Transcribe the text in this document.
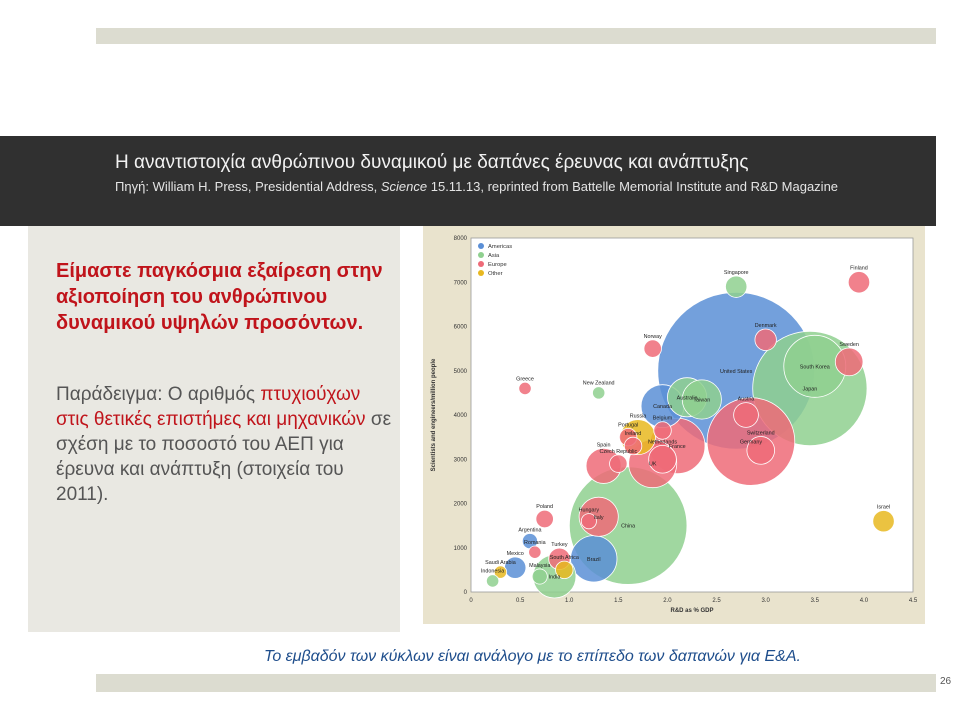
Η αναντιστοιχία ανθρώπινου δυναμικού με δαπάνες έρευνας και ανάπτυξης
Πηγή: William H. Press, Presidential Address, Science 15.11.13, reprinted from Battelle Memorial Institute and R&D Magazine
Είμαστε παγκόσμια εξαίρεση στην αξιοποίηση του ανθρώπινου δυναμικού υψηλών προσόντων.
Παράδειγμα: Ο αριθμός πτυχιούχων στις θετικές επιστήμες και μηχανικών σε σχέση με το ποσοστό του ΑΕΠ για έρευνα και ανάπτυξη (στοιχεία του 2011).
0	0.5	1.0	1.5	2.0	2.5	3.0	3.5	4.0	4.5
0
1000
2000
3000
4000
5000
6000
7000
8000
R&D as % GDP
Scientists and engineers/million people	United States
China
Japan
Germany
South Korea
France
UK
Canada
Australia
Taiwan
Brazil
India
Italy
Russia
Spain
Sweden
Switzerland
Netherlands
Austria
Denmark
Finland
Singapore
Israel
Norway
Belgium
Portugal
Ireland
Czech Republic
Poland
Hungary
Turkey
Mexico
Argentina
Romania
South Africa
Malaysia
Saudi Arabia
Indonesia
Greece
New Zealand
Americas
Asia
Europe
Other
Το εμβαδόν των κύκλων είναι ανάλογο με το επίπεδο των δαπανών για Ε&Α.
26
